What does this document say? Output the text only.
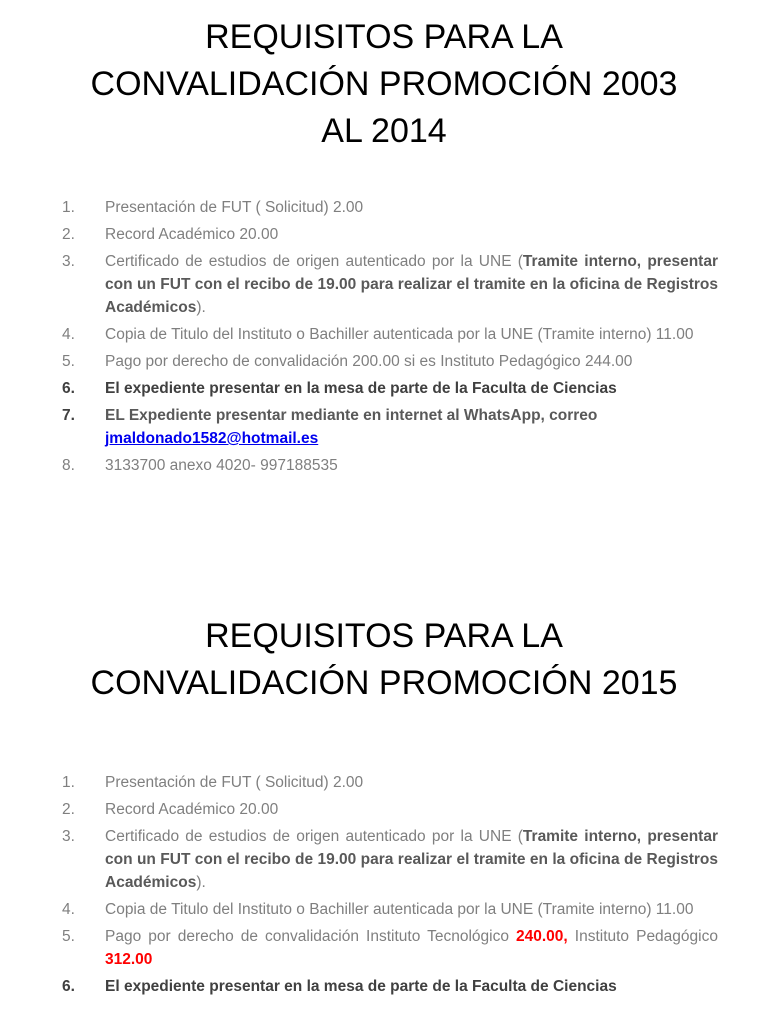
REQUISITOS PARA LA
CONVALIDACIÓN PROMOCIÓN 2003
AL 2014
1. Presentación de FUT ( Solicitud) 2.00
2. Record Académico 20.00
3. Certificado de estudios de origen autenticado por la UNE (Tramite interno, presentar con un FUT con el recibo de 19.00 para realizar el tramite en la oficina de Registros Académicos).
4. Copia de Titulo del Instituto o Bachiller autenticada por la UNE (Tramite interno) 11.00
5. Pago por derecho de convalidación 200.00 si es Instituto Pedagógico 244.00
6. El expediente presentar en la mesa de parte de la Faculta de Ciencias
7. EL Expediente presentar mediante en internet al WhatsApp, correo
jmaldonado1582@hotmail.es
8. 3133700 anexo 4020- 997188535
REQUISITOS PARA LA
CONVALIDACIÓN PROMOCIÓN 2015
1. Presentación de FUT ( Solicitud) 2.00
2. Record Académico 20.00
3. Certificado de estudios de origen autenticado por la UNE (Tramite interno, presentar con un FUT con el recibo de 19.00 para realizar el tramite en la oficina de Registros Académicos).
4. Copia de Titulo del Instituto o Bachiller autenticada por la UNE (Tramite interno) 11.00
5. Pago por derecho de convalidación Instituto Tecnológico 240.00, Instituto Pedagógico 312.00
6. El expediente presentar en la mesa de parte de la Faculta de Ciencias
